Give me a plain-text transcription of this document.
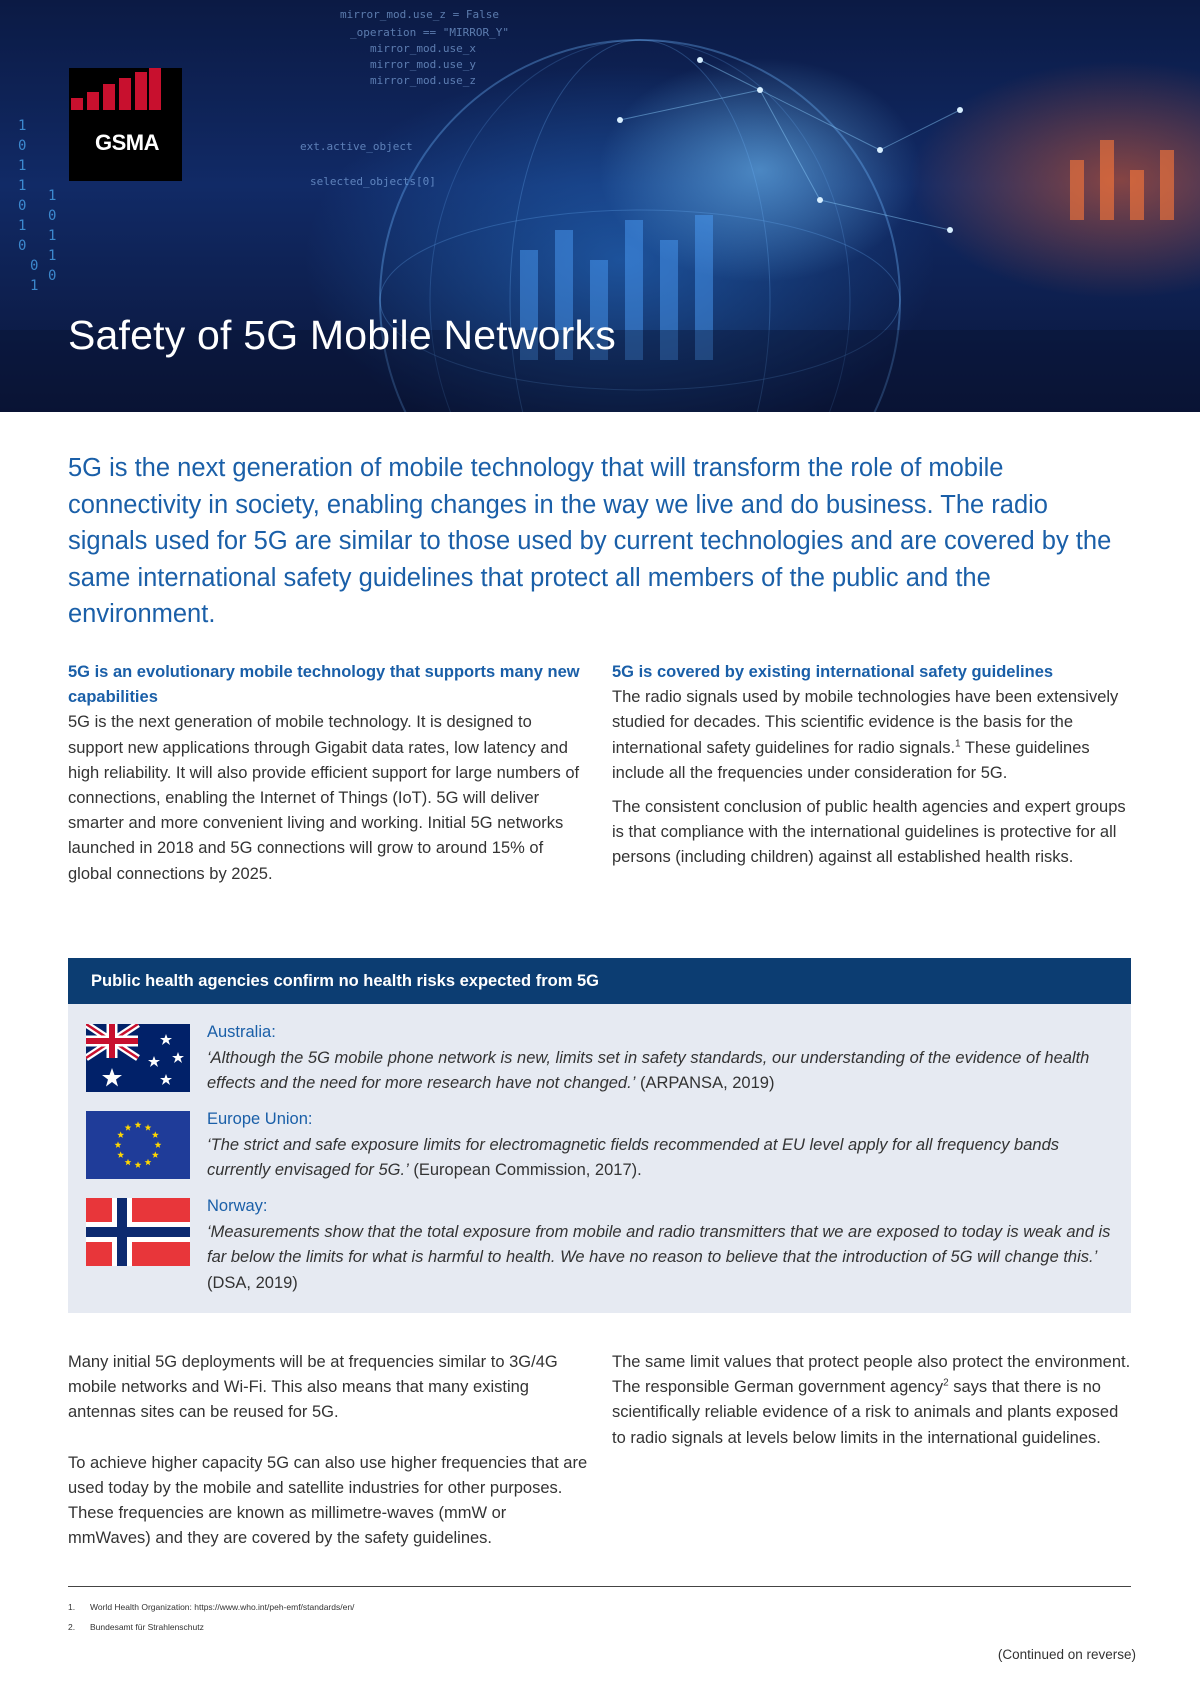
1
0
1
1
0
1
0
1
0
1
1
0
0
1
mirror_mod.use_z = False
_operation == "MIRROR_Y"
mirror_mod.use_x
mirror_mod.use_y
mirror_mod.use_z
ext.active_object
selected_objects[0]
GSMA
Safety of 5G Mobile Networks

5G is the next generation of mobile technology that will transform the role of mobile connectivity in society, enabling changes in the way we live and do business. The radio signals used for 5G are similar to those used by current technologies and are covered by the same international safety guidelines that protect all members of the public and the environment.

5G is an evolutionary mobile technology that supports many new capabilities

5G is the next generation of mobile technology. It is designed to support new applications through Gigabit data rates, low latency and high reliability. It will also provide efficient support for large numbers of connections, enabling the Internet of Things (IoT). 5G will deliver smarter and more convenient living and working. Initial 5G networks launched in 2018 and 5G connections will grow to around 15% of global connections by 2025.

5G is covered by existing international safety guidelines

The radio signals used by mobile technologies have been extensively studied for decades. This scientific evidence is the basis for the international safety guidelines for radio signals.$^1$ These guidelines include all the frequencies under consideration for 5G.

The consistent conclusion of public health agencies and expert groups is that compliance with the international guidelines is protective for all persons (including children) against all established health risks.

Public health agencies confirm no health risks expected from 5G
Australia:
‘Although the 5G mobile phone network is new, limits set in safety standards, our understanding of the evidence of health effects and the need for more research have not changed.’ (ARPANSA, 2019)
Europe Union:
‘The strict and safe exposure limits for electromagnetic fields recommended at EU level apply for all frequency bands currently envisaged for 5G.’ (European Commission, 2017).
Norway:
‘Measurements show that the total exposure from mobile and radio transmitters that we are exposed to today is weak and is far below the limits for what is harmful to health. We have no reason to believe that the introduction of 5G will change this.’ (DSA, 2019)

Many initial 5G deployments will be at frequencies similar to 3G/4G mobile networks and Wi-Fi. This also means that many existing antennas sites can be reused for 5G.

To achieve higher capacity 5G can also use higher frequencies that are used today by the mobile and satellite industries for other purposes. These frequencies are known as millimetre-waves (mmW or mmWaves) and they are covered by the safety guidelines.

The same limit values that protect people also protect the environment. The responsible German government agency$^2$ says that there is no scientifically reliable evidence of a risk to animals and plants exposed to radio signals at levels below limits in the international guidelines.

1. World Health Organization: https://www.who.int/peh-emf/standards/en/
2. Bundesamt für Strahlenschutz
(Continued on reverse)
